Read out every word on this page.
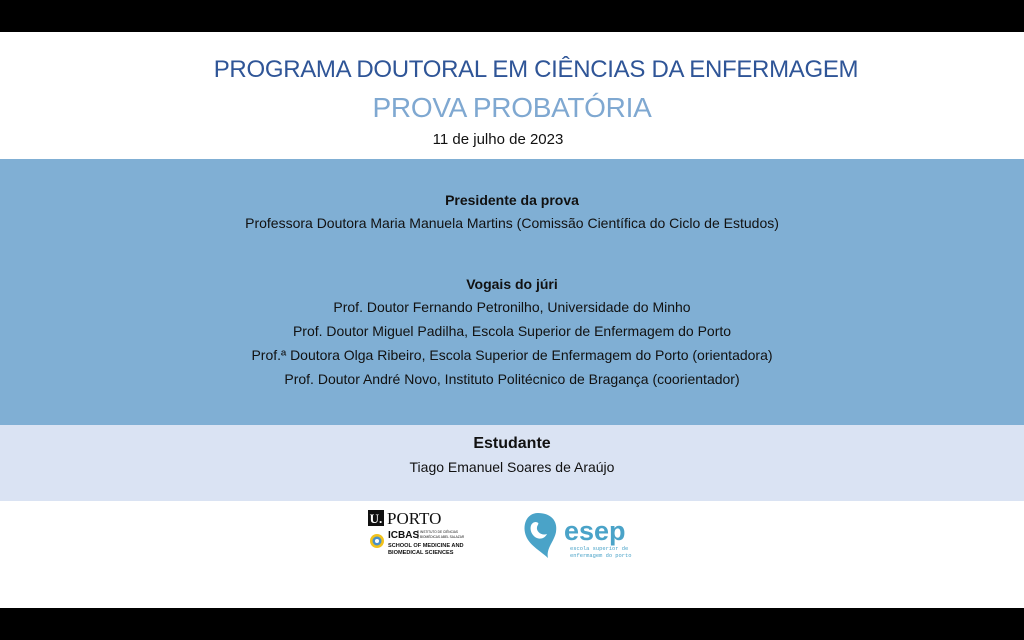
PROGRAMA DOUTORAL EM CIÊNCIAS DA ENFERMAGEM
PROVA PROBATÓRIA
11 de julho de 2023
Presidente da prova
Professora Doutora Maria Manuela Martins (Comissão Científica do Ciclo de Estudos)
Vogais do júri
Prof. Doutor Fernando Petronilho, Universidade do Minho
Prof. Doutor Miguel Padilha, Escola Superior de Enfermagem do Porto
Prof.ª Doutora Olga Ribeiro, Escola Superior de Enfermagem do Porto (orientadora)
Prof. Doutor André Novo, Instituto Politécnico de Bragança (coorientador)
Estudante
Tiago Emanuel Soares de Araújo
U. PORTO
ICBAS INSTITUTO DE CIÊNCIAS
BIOMÉDICAS ABEL SALAZAR
SCHOOL OF MEDICINE AND
BIOMEDICAL SCIENCES
esep
escola superior de
enfermagem do porto
